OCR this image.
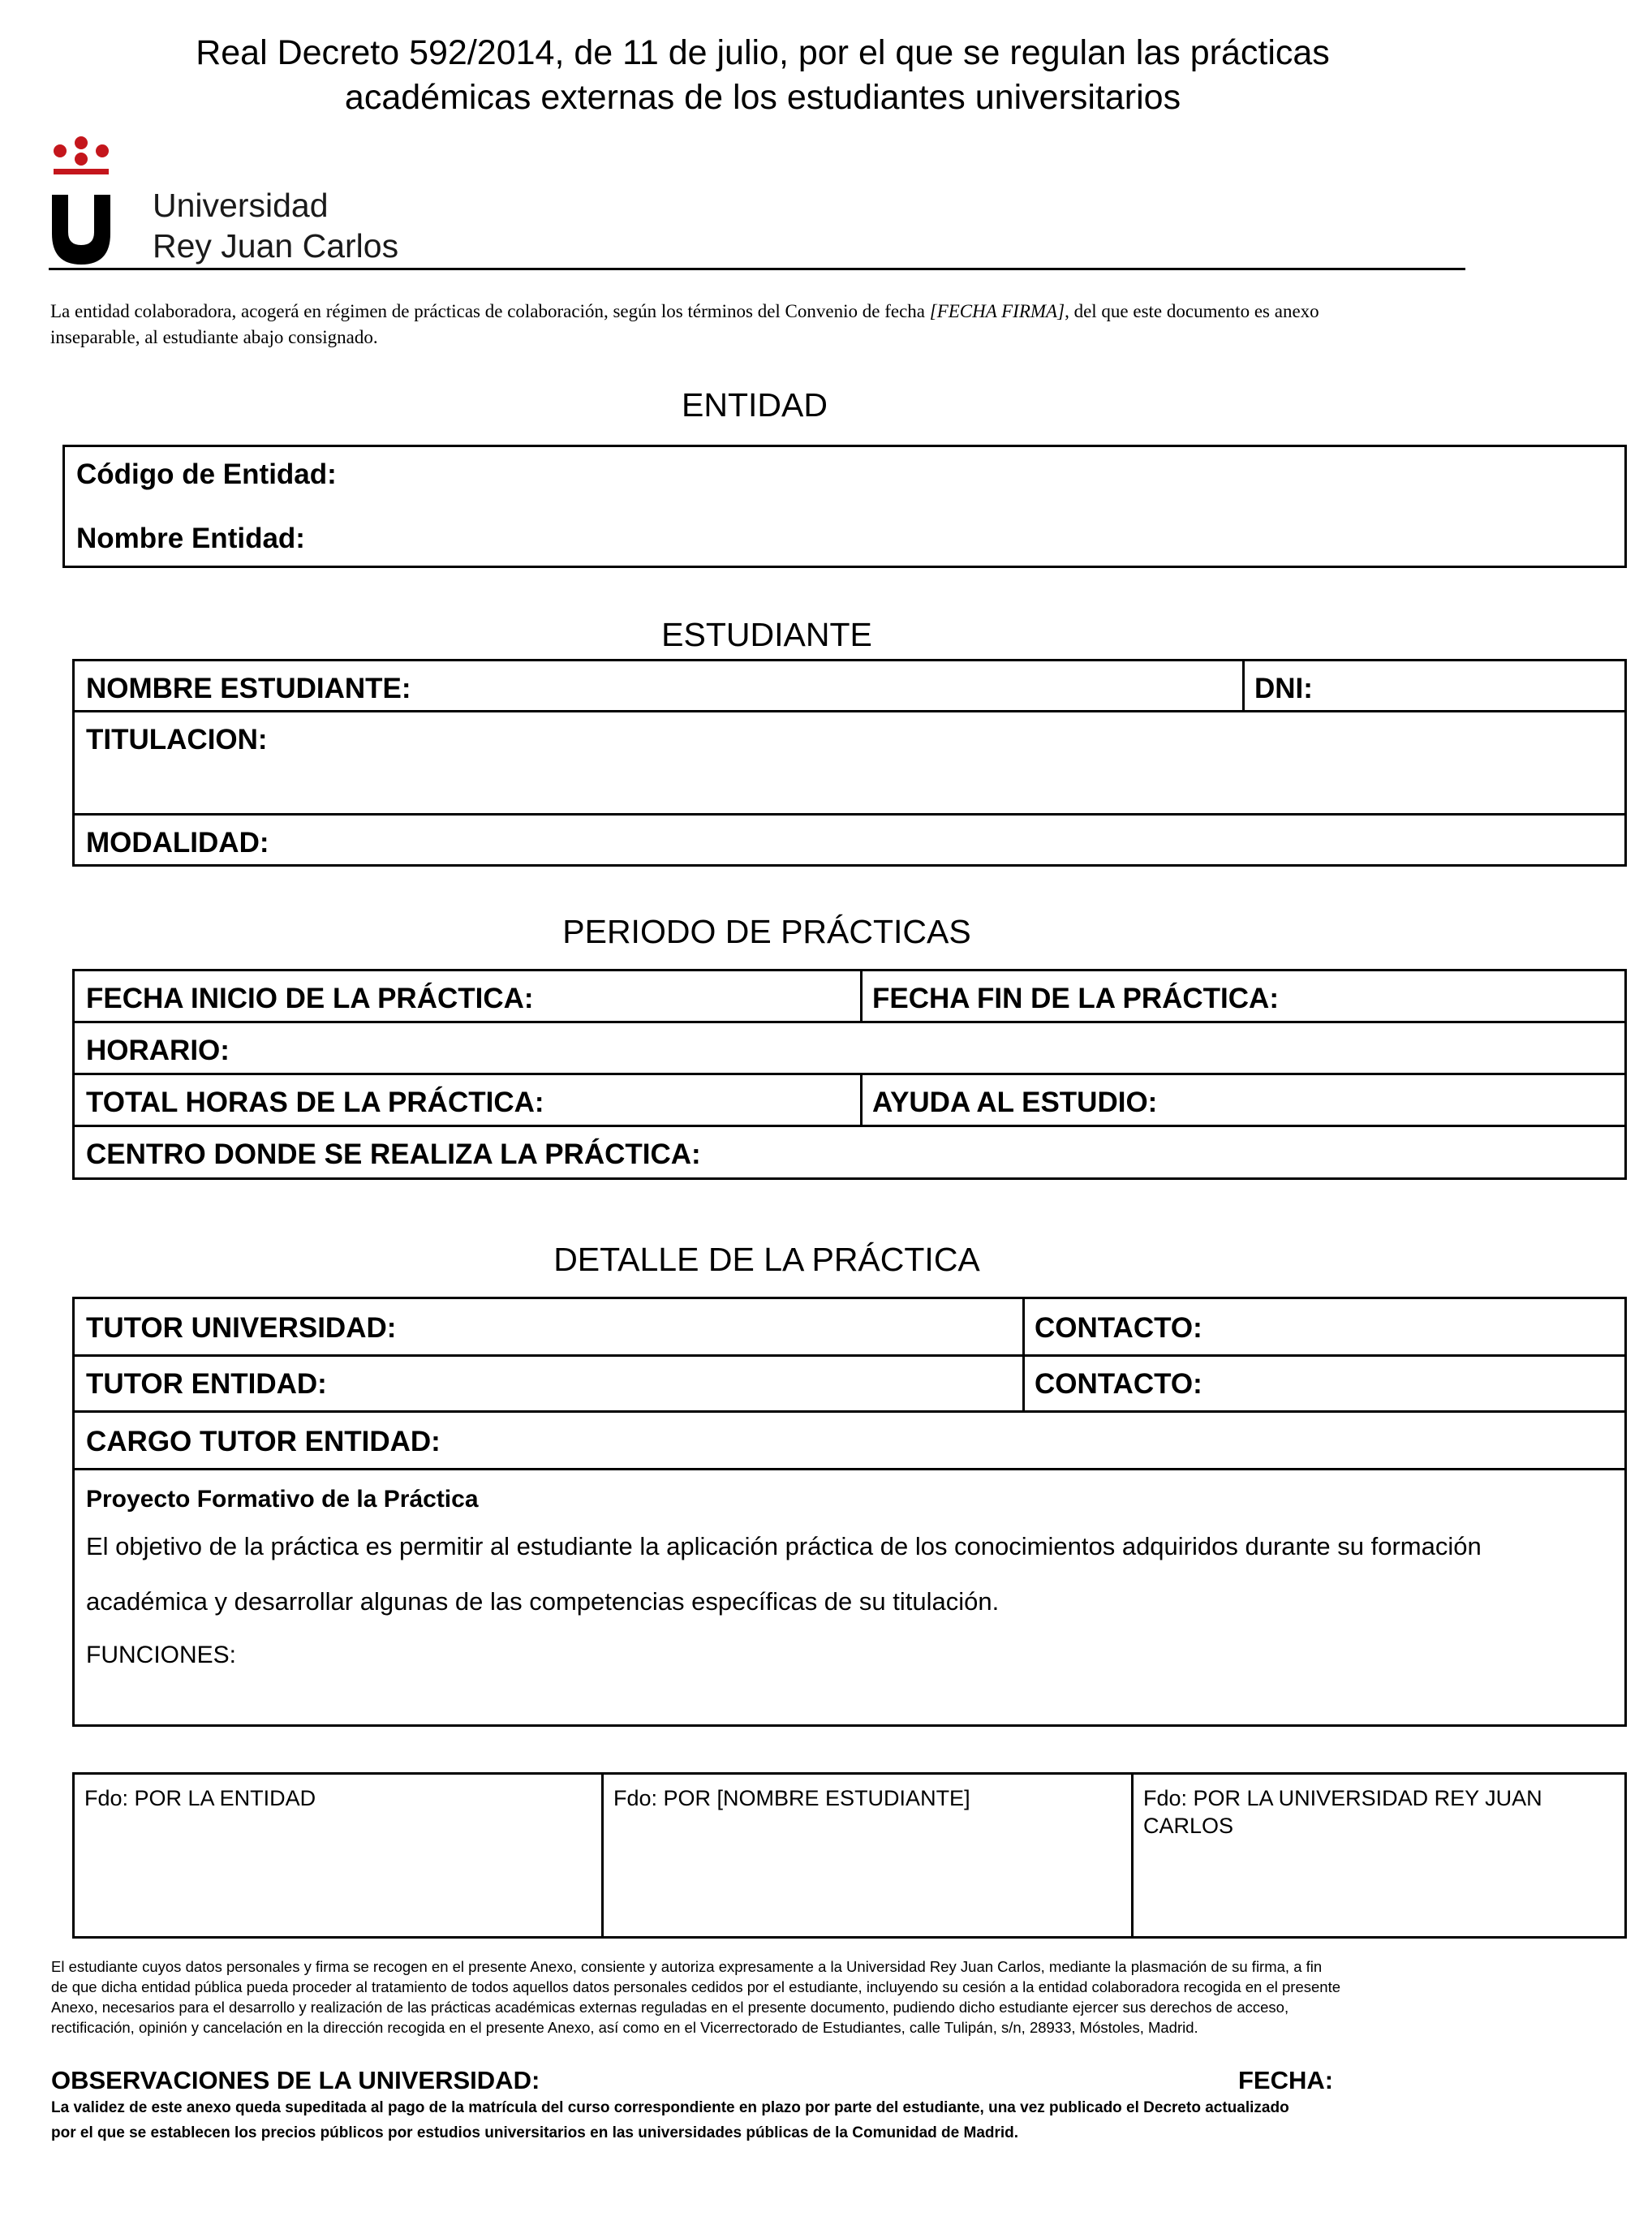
Real Decreto 592/2014, de 11 de julio, por el que se regulan las prácticas
académicas externas de los estudiantes universitarios
Universidad
Rey Juan Carlos
La entidad colaboradora, acogerá en régimen de prácticas de colaboración, según los términos del Convenio de fecha [FECHA FIRMA], del que este documento es anexo inseparable, al estudiante abajo consignado.
ENTIDAD
Código de Entidad:
Nombre Entidad:
ESTUDIANTE
NOMBRE ESTUDIANTE:	DNI:
TITULACION:
MODALIDAD:
PERIODO DE PRÁCTICAS
FECHA INICIO DE LA PRÁCTICA:	FECHA FIN DE LA PRÁCTICA:
HORARIO:
TOTAL HORAS DE LA PRÁCTICA:	AYUDA AL ESTUDIO:
CENTRO DONDE SE REALIZA LA PRÁCTICA:
DETALLE DE LA PRÁCTICA
TUTOR UNIVERSIDAD:	CONTACTO:
TUTOR ENTIDAD:	CONTACTO:
CARGO TUTOR ENTIDAD:
Proyecto Formativo de la Práctica
El objetivo de la práctica es permitir al estudiante la aplicación práctica de los conocimientos adquiridos durante su formación
académica y desarrollar algunas de las competencias específicas de su titulación.
FUNCIONES:
Fdo: POR LA ENTIDAD	Fdo: POR [NOMBRE ESTUDIANTE]	Fdo: POR LA UNIVERSIDAD REY JUAN
CARLOS
El estudiante cuyos datos personales y firma se recogen en el presente Anexo, consiente y autoriza expresamente a la Universidad Rey Juan Carlos, mediante la plasmación de su firma, a fin
de que dicha entidad pública pueda proceder al tratamiento de todos aquellos datos personales cedidos por el estudiante, incluyendo su cesión a la entidad colaboradora recogida en el presente
Anexo, necesarios para el desarrollo y realización de las prácticas académicas externas reguladas en el presente documento, pudiendo dicho estudiante ejercer sus derechos de acceso,
rectificación, opinión y cancelación en la dirección recogida en el presente Anexo, así como en el Vicerrectorado de Estudiantes, calle Tulipán, s/n, 28933, Móstoles, Madrid.
OBSERVACIONES DE LA UNIVERSIDAD:	FECHA:
La validez de este anexo queda supeditada al pago de la matrícula del curso correspondiente en plazo por parte del estudiante, una vez publicado el Decreto actualizado
por el que se establecen los precios públicos por estudios universitarios en las universidades públicas de la Comunidad de Madrid.
